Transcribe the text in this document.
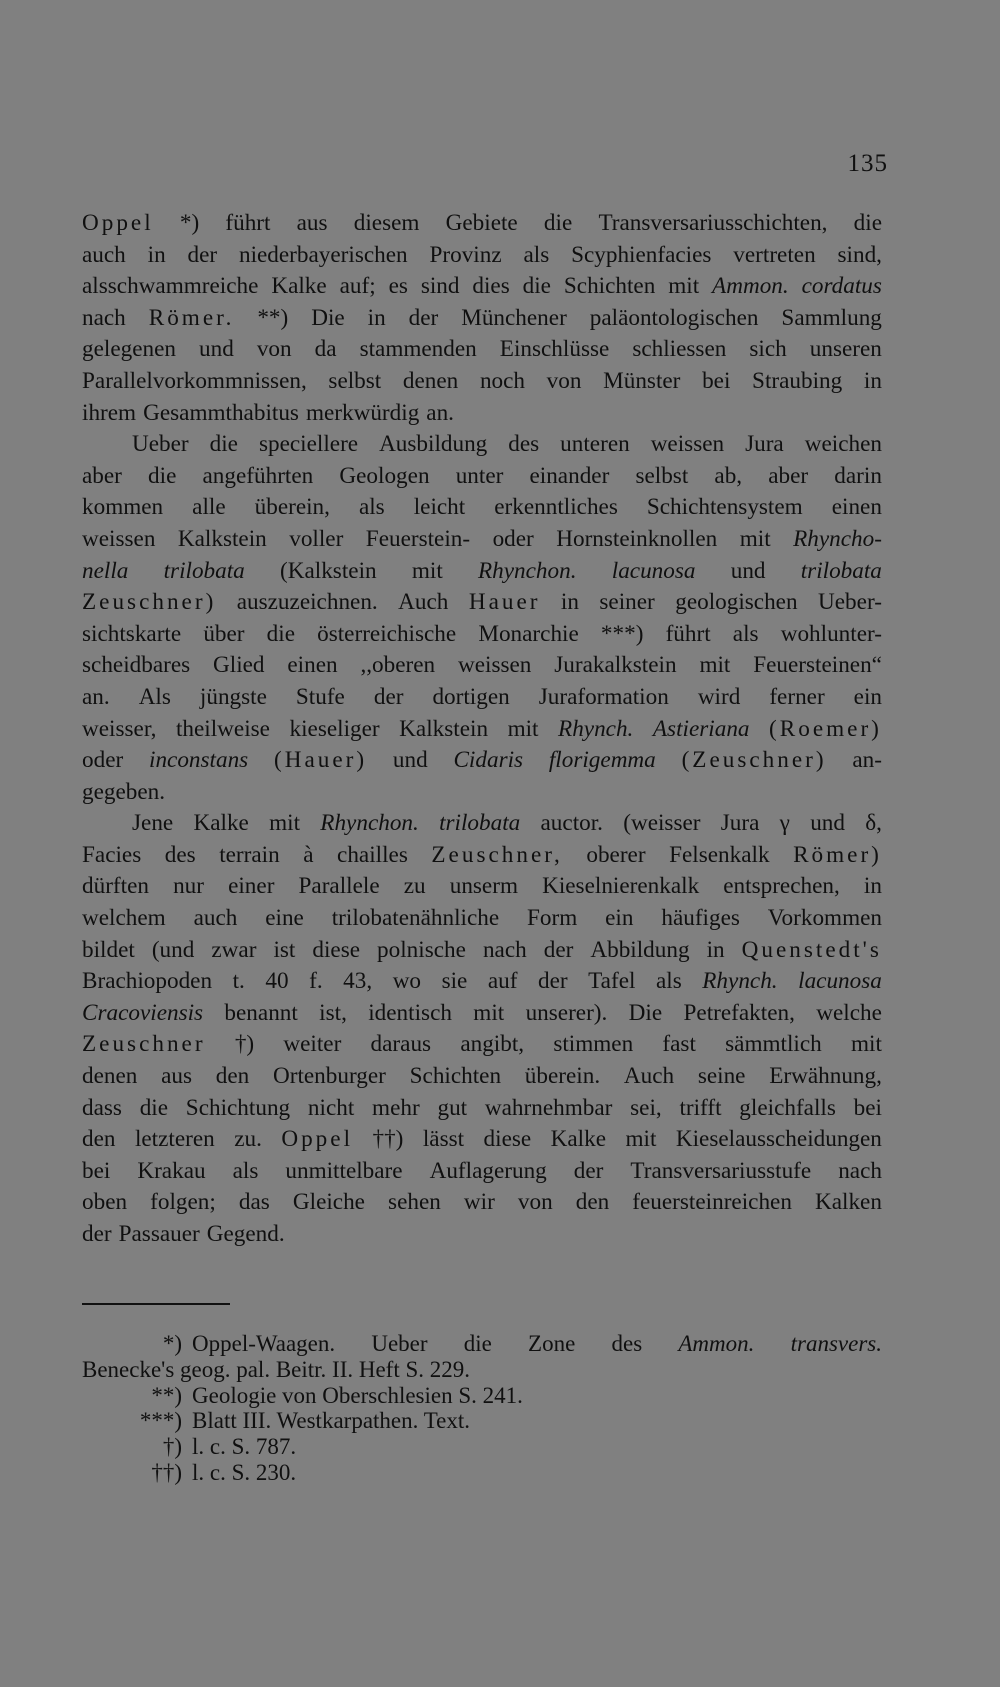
135
Oppel *) führt aus diesem Gebiete die Transversariusschichten, die
auch in der niederbayerischen Provinz als Scyphienfacies vertreten sind,
alsschwammreiche Kalke auf; es sind dies die Schichten mit Ammon. cordatus
nach Römer. **) Die in der Münchener paläontologischen Sammlung
gelegenen und von da stammenden Einschlüsse schliessen sich unseren
Parallelvorkommnissen, selbst denen noch von Münster bei Straubing in
ihrem Gesammthabitus merkwürdig an.
Ueber die speciellere Ausbildung des unteren weissen Jura weichen
aber die angeführten Geologen unter einander selbst ab, aber darin
kommen alle überein, als leicht erkenntliches Schichtensystem einen
weissen Kalkstein voller Feuerstein- oder Hornsteinknollen mit Rhyncho-
nella trilobata (Kalkstein mit Rhynchon. lacunosa und trilobata
Zeuschner) auszuzeichnen. Auch Hauer in seiner geologischen Ueber-
sichtskarte über die österreichische Monarchie ***) führt als wohlunter-
scheidbares Glied einen ,,oberen weissen Jurakalkstein mit Feuersteinen“
an. Als jüngste Stufe der dortigen Juraformation wird ferner ein
weisser, theilweise kieseliger Kalkstein mit Rhynch. Astieriana (Roemer)
oder inconstans (Hauer) und Cidaris florigemma (Zeuschner) an-
gegeben.
Jene Kalke mit Rhynchon. trilobata auctor. (weisser Jura γ und δ,
Facies des terrain à chailles Zeuschner, oberer Felsenkalk Römer)
dürften nur einer Parallele zu unserm Kieselnierenkalk entsprechen, in
welchem auch eine trilobatenähnliche Form ein häufiges Vorkommen
bildet (und zwar ist diese polnische nach der Abbildung in Quenstedt's
Brachiopoden t. 40 f. 43, wo sie auf der Tafel als Rhynch. lacunosa
Cracoviensis benannt ist, identisch mit unserer). Die Petrefakten, welche
Zeuschner †) weiter daraus angibt, stimmen fast sämmtlich mit
denen aus den Ortenburger Schichten überein. Auch seine Erwähnung,
dass die Schichtung nicht mehr gut wahrnehmbar sei, trifft gleichfalls bei
den letzteren zu. Oppel ††) lässt diese Kalke mit Kieselausscheidungen
bei Krakau als unmittelbare Auflagerung der Transversariusstufe nach
oben folgen; das Gleiche sehen wir von den feuersteinreichen Kalken
der Passauer Gegend.
*) Oppel-Waagen. Ueber die Zone des Ammon. transvers.
Benecke's geog. pal. Beitr. II. Heft S. 229.
**) Geologie von Oberschlesien S. 241.
***) Blatt III. Westkarpathen. Text.
†) l. c. S. 787.
††) l. c. S. 230.
